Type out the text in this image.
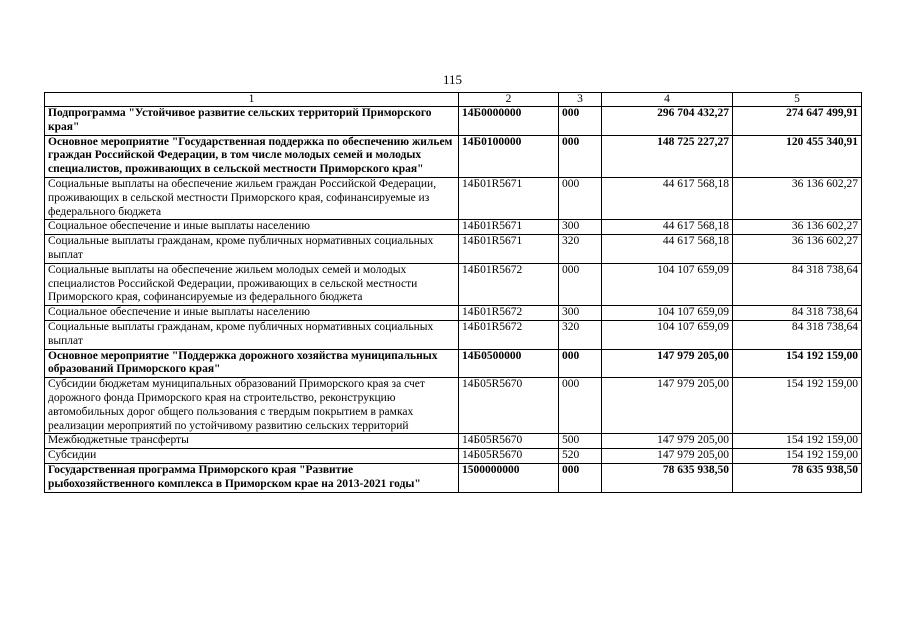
115
1	2	3	4	5
Подпрограмма "Устойчивое развитие сельских территорий Приморского края"	14Б0000000	000	296 704 432,27	274 647 499,91
Основное мероприятие "Государственная поддержка по обеспечению жильем граждан Российской Федерации, в том числе молодых семей и молодых специалистов, проживающих в сельской местности Приморского края"	14Б0100000	000	148 725 227,27	120 455 340,91
Социальные выплаты на обеспечение жильем граждан Российской Федерации, проживающих в сельской местности Приморского края, софинансируемые из федерального бюджета	14Б01R5671	000	44 617 568,18	36 136 602,27
Социальное обеспечение и иные выплаты населению	14Б01R5671	300	44 617 568,18	36 136 602,27
Социальные выплаты гражданам, кроме публичных нормативных социальных выплат	14Б01R5671	320	44 617 568,18	36 136 602,27
Социальные выплаты на обеспечение жильем молодых семей и молодых специалистов Российской Федерации, проживающих в сельской местности Приморского края, софинансируемые из федерального бюджета	14Б01R5672	000	104 107 659,09	84 318 738,64
Социальное обеспечение и иные выплаты населению	14Б01R5672	300	104 107 659,09	84 318 738,64
Социальные выплаты гражданам, кроме публичных нормативных социальных выплат	14Б01R5672	320	104 107 659,09	84 318 738,64
Основное мероприятие "Поддержка дорожного хозяйства муниципальных образований Приморского края"	14Б0500000	000	147 979 205,00	154 192 159,00
Субсидии бюджетам муниципальных образований Приморского края за счет дорожного фонда Приморского края на строительство, реконструкцию автомобильных дорог общего пользования с твердым покрытием в рамках реализации мероприятий по устойчивому развитию сельских территорий	14Б05R5670	000	147 979 205,00	154 192 159,00
Межбюджетные трансферты	14Б05R5670	500	147 979 205,00	154 192 159,00
Субсидии	14Б05R5670	520	147 979 205,00	154 192 159,00
Государственная программа Приморского края "Развитие рыбохозяйственного комплекса в Приморском крае на 2013-2021 годы"	1500000000	000	78 635 938,50	78 635 938,50
